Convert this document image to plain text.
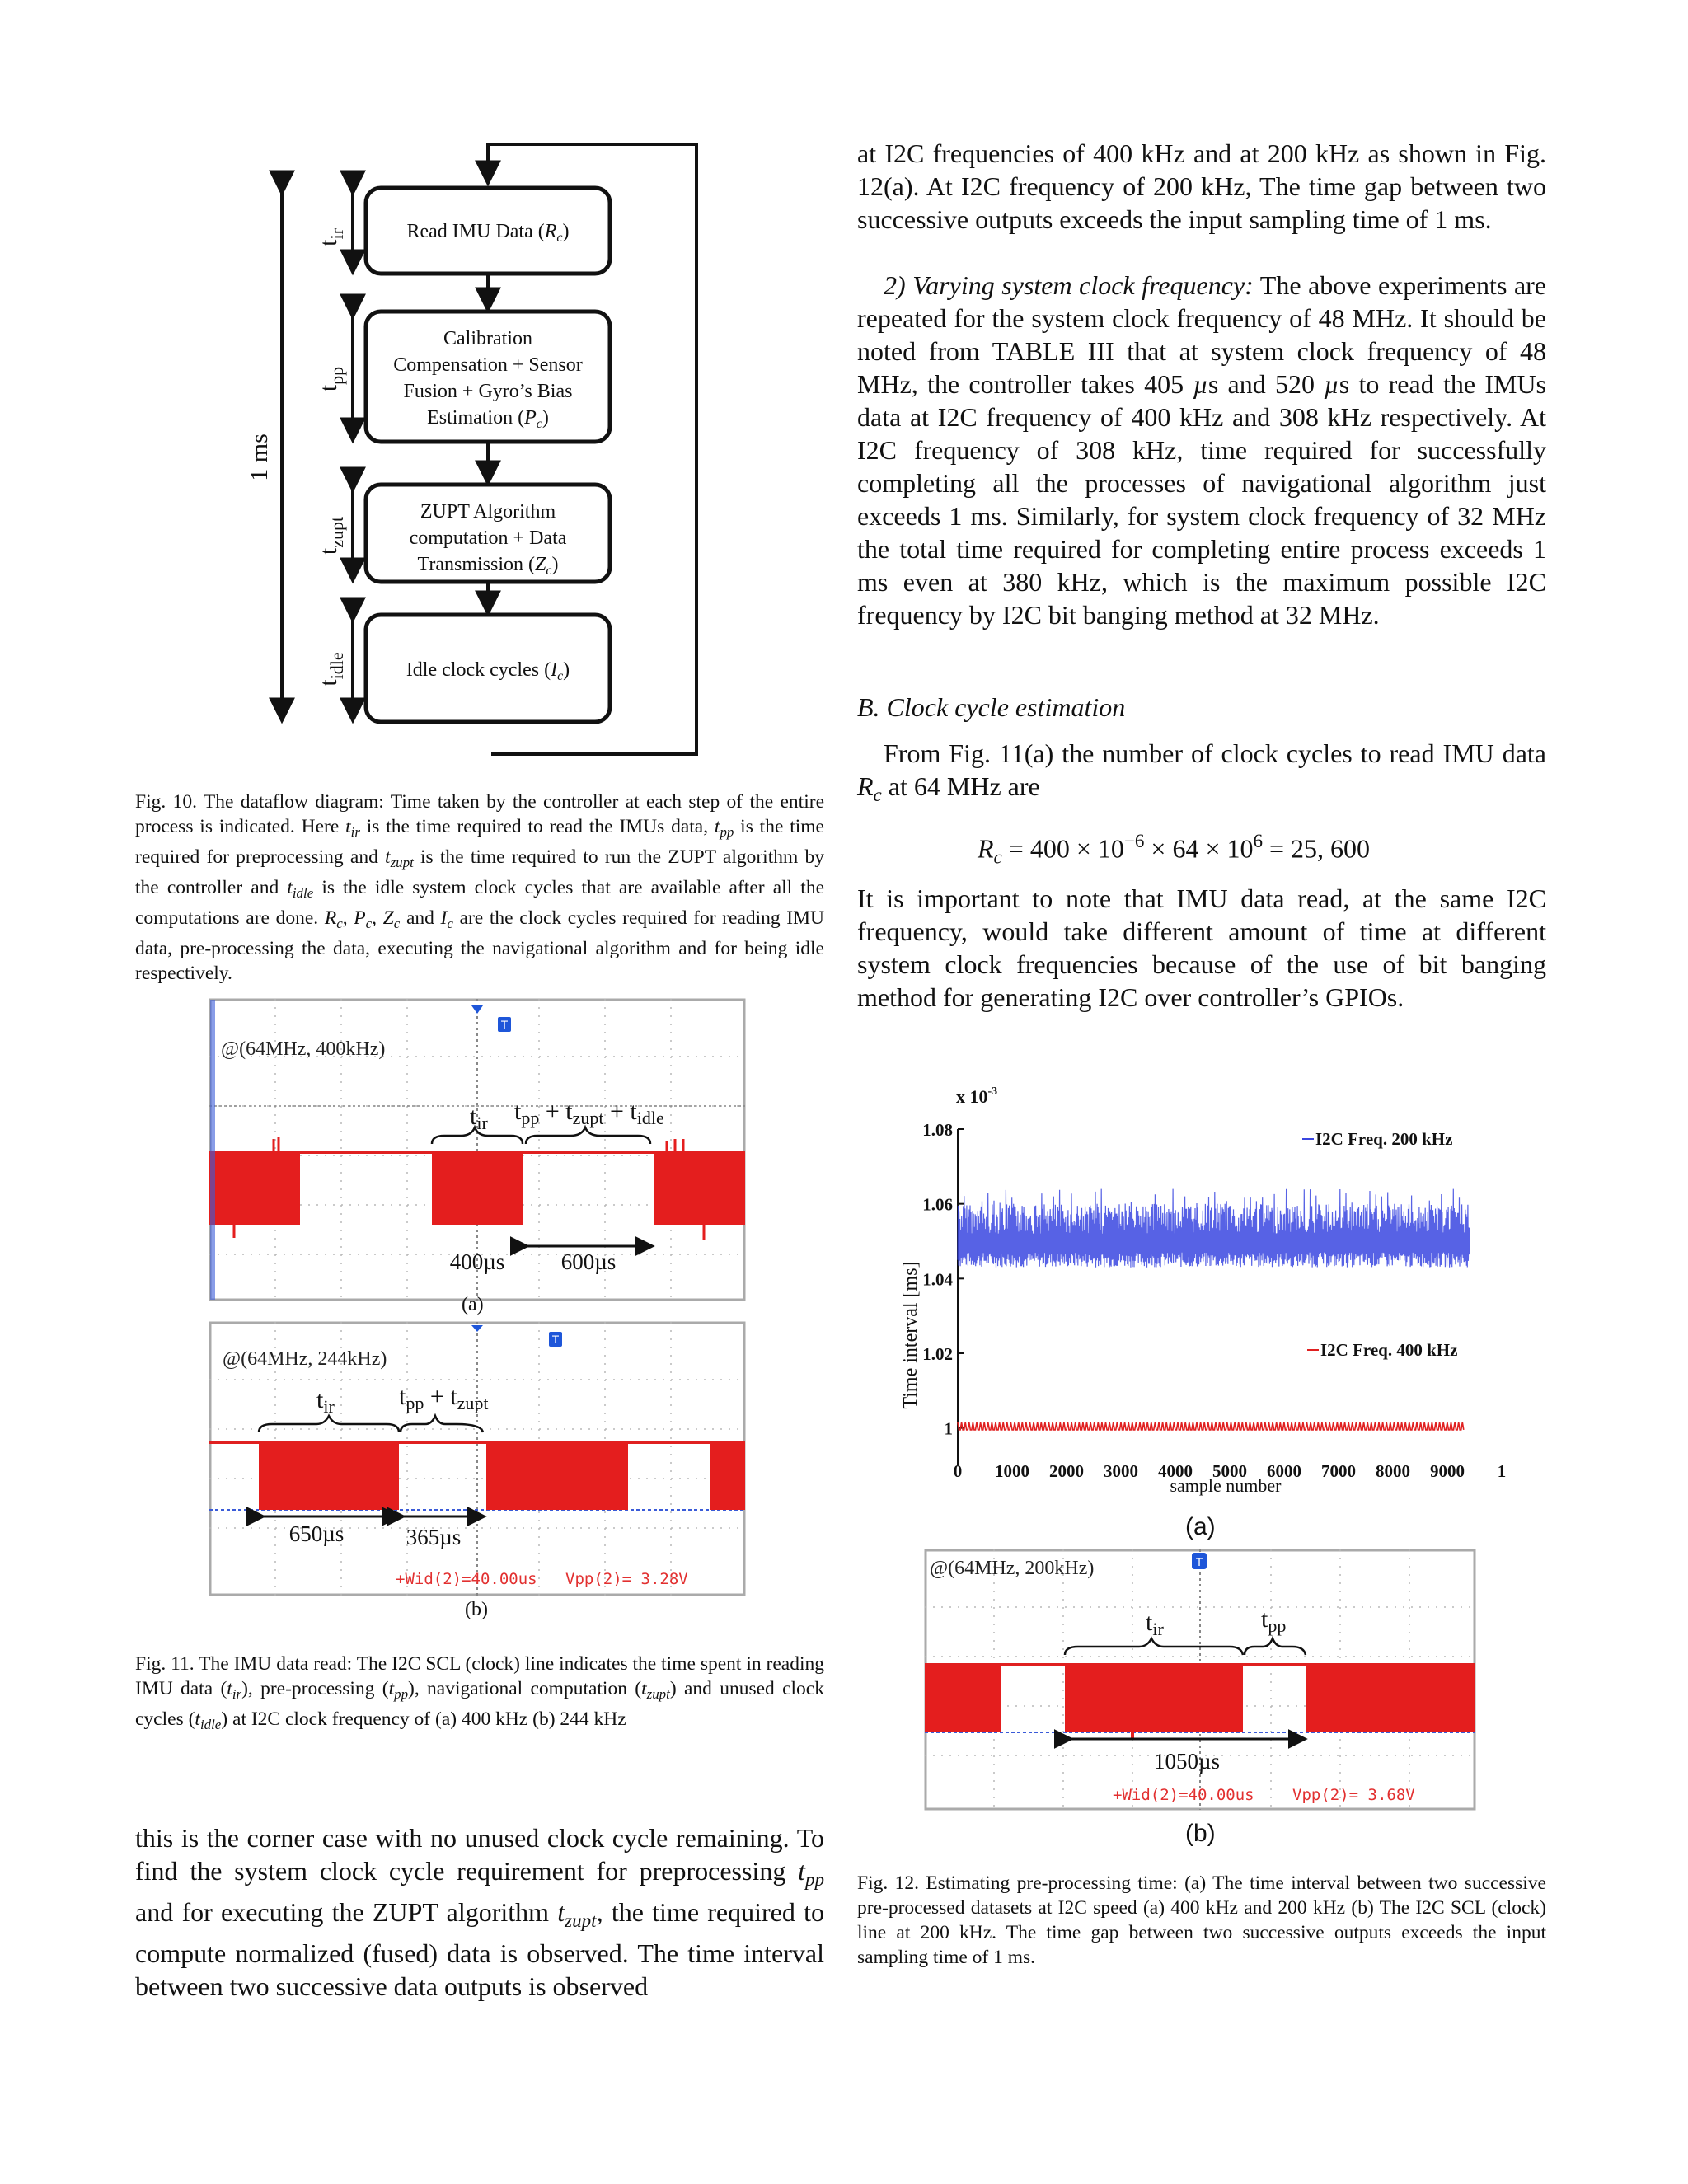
Read IMU Data $(R_c)$
Calibration
Compensation + Sensor
Fusion + Gyro’s Bias
Estimation $(P_c)$
ZUPT Algorithm
computation + Data
Transmission $(Z_c)$
Idle clock cycles $(I_c)$
$t_{ir}$
$t_{pp}$
$t_{zupt}$
$t_{idle}$
1 ms
Fig. 10. The dataflow diagram: Time taken by the controller at each step of the entire process is indicated. Here $t_{ir}$ is the time required to read the IMUs data, $t_{pp}$ is the time required for preprocessing and $t_{zupt}$ is the time required to run the ZUPT algorithm by the controller and $t_{idle}$ is the idle system clock cycles that are available after all the computations are done. $R_c$, $P_c$, $Z_c$ and $I_c$ are the clock cycles required for reading IMU data, pre-processing the data, executing the navigational algorithm and for being idle respectively.
T
@(64MHz, 400kHz)
$t_{ir}$ $t_{pp} + t_{zupt} + t_{idle}$
400µs	600µs
(a)
T
@(64MHz, 244kHz)
$t_{ir}$	$t_{pp} + t_{zupt}$
650µs	365µs
+Wid(2)=40.00us Vpp(2)= 3.28V
(b)
Fig. 11. The IMU data read: The I2C SCL (clock) line indicates the time spent in reading IMU data $(t_{ir})$, pre-processing $(t_{pp})$, navigational computation $(t_{zupt})$ and unused clock cycles $(t_{idle})$ at I2C clock frequency of (a) 400 kHz (b) 244 kHz
this is the corner case with no unused clock cycle remaining. To find the system clock cycle requirement for preprocessing $t_{pp}$ and for executing the ZUPT algorithm $t_{zupt}$, the time required to compute normalized (fused) data is observed. The time interval between two successive data outputs is observed
at I2C frequencies of 400 kHz and at 200 kHz as shown in Fig. 12(a). At I2C frequency of 200 kHz, The time gap between two successive outputs exceeds the input sampling time of 1 ms.
2) Varying system clock frequency: The above experiments are repeated for the system clock frequency of 48 MHz. It should be noted from TABLE III that at system clock frequency of 48 MHz, the controller takes 405 µs and 520 µs to read the IMUs data at I2C frequency of 400 kHz and 308 kHz respectively. At I2C frequency of 308 kHz, time required for successfully completing all the processes of navigational algorithm just exceeds 1 ms. Similarly, for system clock frequency of 32 MHz the total time required for completing entire process exceeds 1 ms even at 380 kHz, which is the maximum possible I2C frequency by I2C bit banging method at 32 MHz.
B. Clock cycle estimation
From Fig. 11(a) the number of clock cycles to read IMU data $R_c$ at 64 MHz are
$R_c = 400 \times 10^{-6} \times 64 \times 10^6 = 25$, 600
It is important to note that IMU data read, at the same I2C frequency, would take different amount of time at different system clock frequencies because of the use of bit banging method for generating I2C over controller’s GPIOs.
x $10^{-3}$
Time interval [ms]
1
1.02
1.04
1.06
1.08
0 1000 2000 3000 4000 5000 6000 7000 8000 9000 1
sample number
I2C Freq. 200 kHz
I2C Freq. 400 kHz
(a)
T
@(64MHz, 200kHz)
$t_{ir}$	$t_{pp}$
1050µs
+Wid(2)=40.00us Vpp(2)= 3.68V
(b)
Fig. 12. Estimating pre-processing time: (a) The time interval between two successive pre-processed datasets at I2C speed (a) 400 kHz and 200 kHz (b) The I2C SCL (clock) line at 200 kHz. The time gap between two successive outputs exceeds the input sampling time of 1 ms.
